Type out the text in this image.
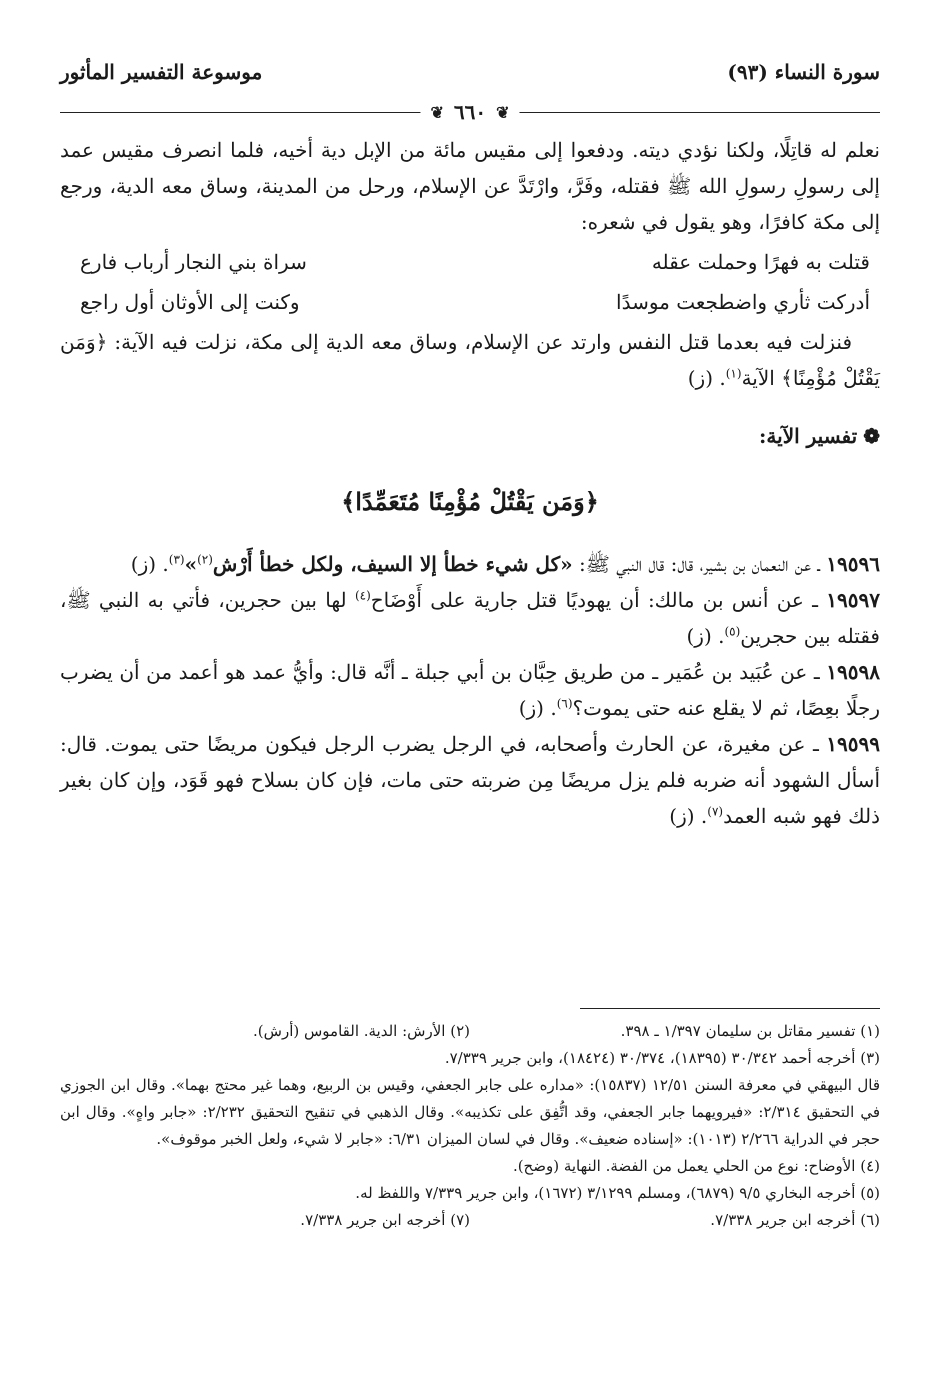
سورة النساء (٩٣)
موسوعة التفسير المأثور
❦
٦٦٠
❦

نعلم له قاتِلًا، ولكنا نؤدي ديته. ودفعوا إلى مقيس مائة من الإبل دية أخيه، فلما انصرف مقيس عمد إلى رسولِ رسولِ الله ﷺ فقتله، وفَرَّ، وارْتَدَّ عن الإسلام، ورحل من المدينة، وساق معه الدية، ورجع إلى مكة كافرًا، وهو يقول في شعره:

قتلت به فهرًا وحملت عقله
سراة بني النجار أرباب فارع
أدركت ثأري واضطجعت موسدًا
وكنت إلى الأوثان أول راجع

فنزلت فيه بعدما قتل النفس وارتد عن الإسلام، وساق معه الدية إلى مكة، نزلت فيه الآية: ﴿وَمَن يَقْتُلْ مُؤْمِنًا﴾ الآية$^{(١)}$. (ز)

❁
تفسير الآية:
﴿وَمَن يَقْتُلْ مُؤْمِنًا مُتَعَمِّدًا﴾

١٩٥٩٦ ـ عن النعمان بن بشير، قال: قال النبي ﷺ: «كل شيء خطأ إلا السيف، ولكل خطأ أَرْش$^{(٢)}$»$^{(٣)}$. (ز)

١٩٥٩٧ ـ عن أنس بن مالك: أن يهوديًا قتل جارية على أَوْضَاح$^{(٤)}$ لها بين حجرين، فأتي به النبي ﷺ، فقتله بين حجرين$^{(٥)}$. (ز)

١٩٥٩٨ ـ عن عُبَيد بن عُمَير ـ من طريق حِبَّان بن أبي جبلة ـ أنَّه قال: وأيُّ عمد هو أعمد من أن يضرب رجلًا بعِصًا، ثم لا يقلع عنه حتى يموت؟$^{(٦)}$. (ز)

١٩٥٩٩ ـ عن مغيرة، عن الحارث وأصحابه، في الرجل يضرب الرجل فيكون مريضًا حتى يموت. قال: أسأل الشهود أنه ضربه فلم يزل مريضًا مِن ضربته حتى مات، فإن كان بسلاح فهو قَوَد، وإن كان بغير ذلك فهو شبه العمد$^{(٧)}$. (ز)

(١) تفسير مقاتل بن سليمان ١/٣٩٧ ـ ٣٩٨.
(٢) الأرش: الدية. القاموس (أرش).

(٣) أخرجه أحمد ٣٠/٣٤٢ (١٨٣٩٥)، ٣٠/٣٧٤ (١٨٤٢٤)، وابن جرير ٧/٣٣٩.

قال البيهقي في معرفة السنن ١٢/٥١ (١٥٨٣٧): «مداره على جابر الجعفي، وقيس بن الربيع، وهما غير محتج بهما». وقال ابن الجوزي في التحقيق ٢/٣١٤: «فيرويهما جابر الجعفي، وقد اتُّفِق على تكذيبه». وقال الذهبي في تنقيح التحقيق ٢/٢٣٢: «جابر واهٍ». وقال ابن حجر في الدراية ٢/٢٦٦ (١٠١٣): «إسناده ضعيف». وقال في لسان الميزان ٦/٣١: «جابر لا شيء، ولعل الخبر موقوف».

(٤) الأوضاح: نوع من الحلي يعمل من الفضة. النهاية (وضح).

(٥) أخرجه البخاري ٩/٥ (٦٨٧٩)، ومسلم ٣/١٢٩٩ (١٦٧٢)، وابن جرير ٧/٣٣٩ واللفظ له.

(٦) أخرجه ابن جرير ٧/٣٣٨.
(٧) أخرجه ابن جرير ٧/٣٣٨.
